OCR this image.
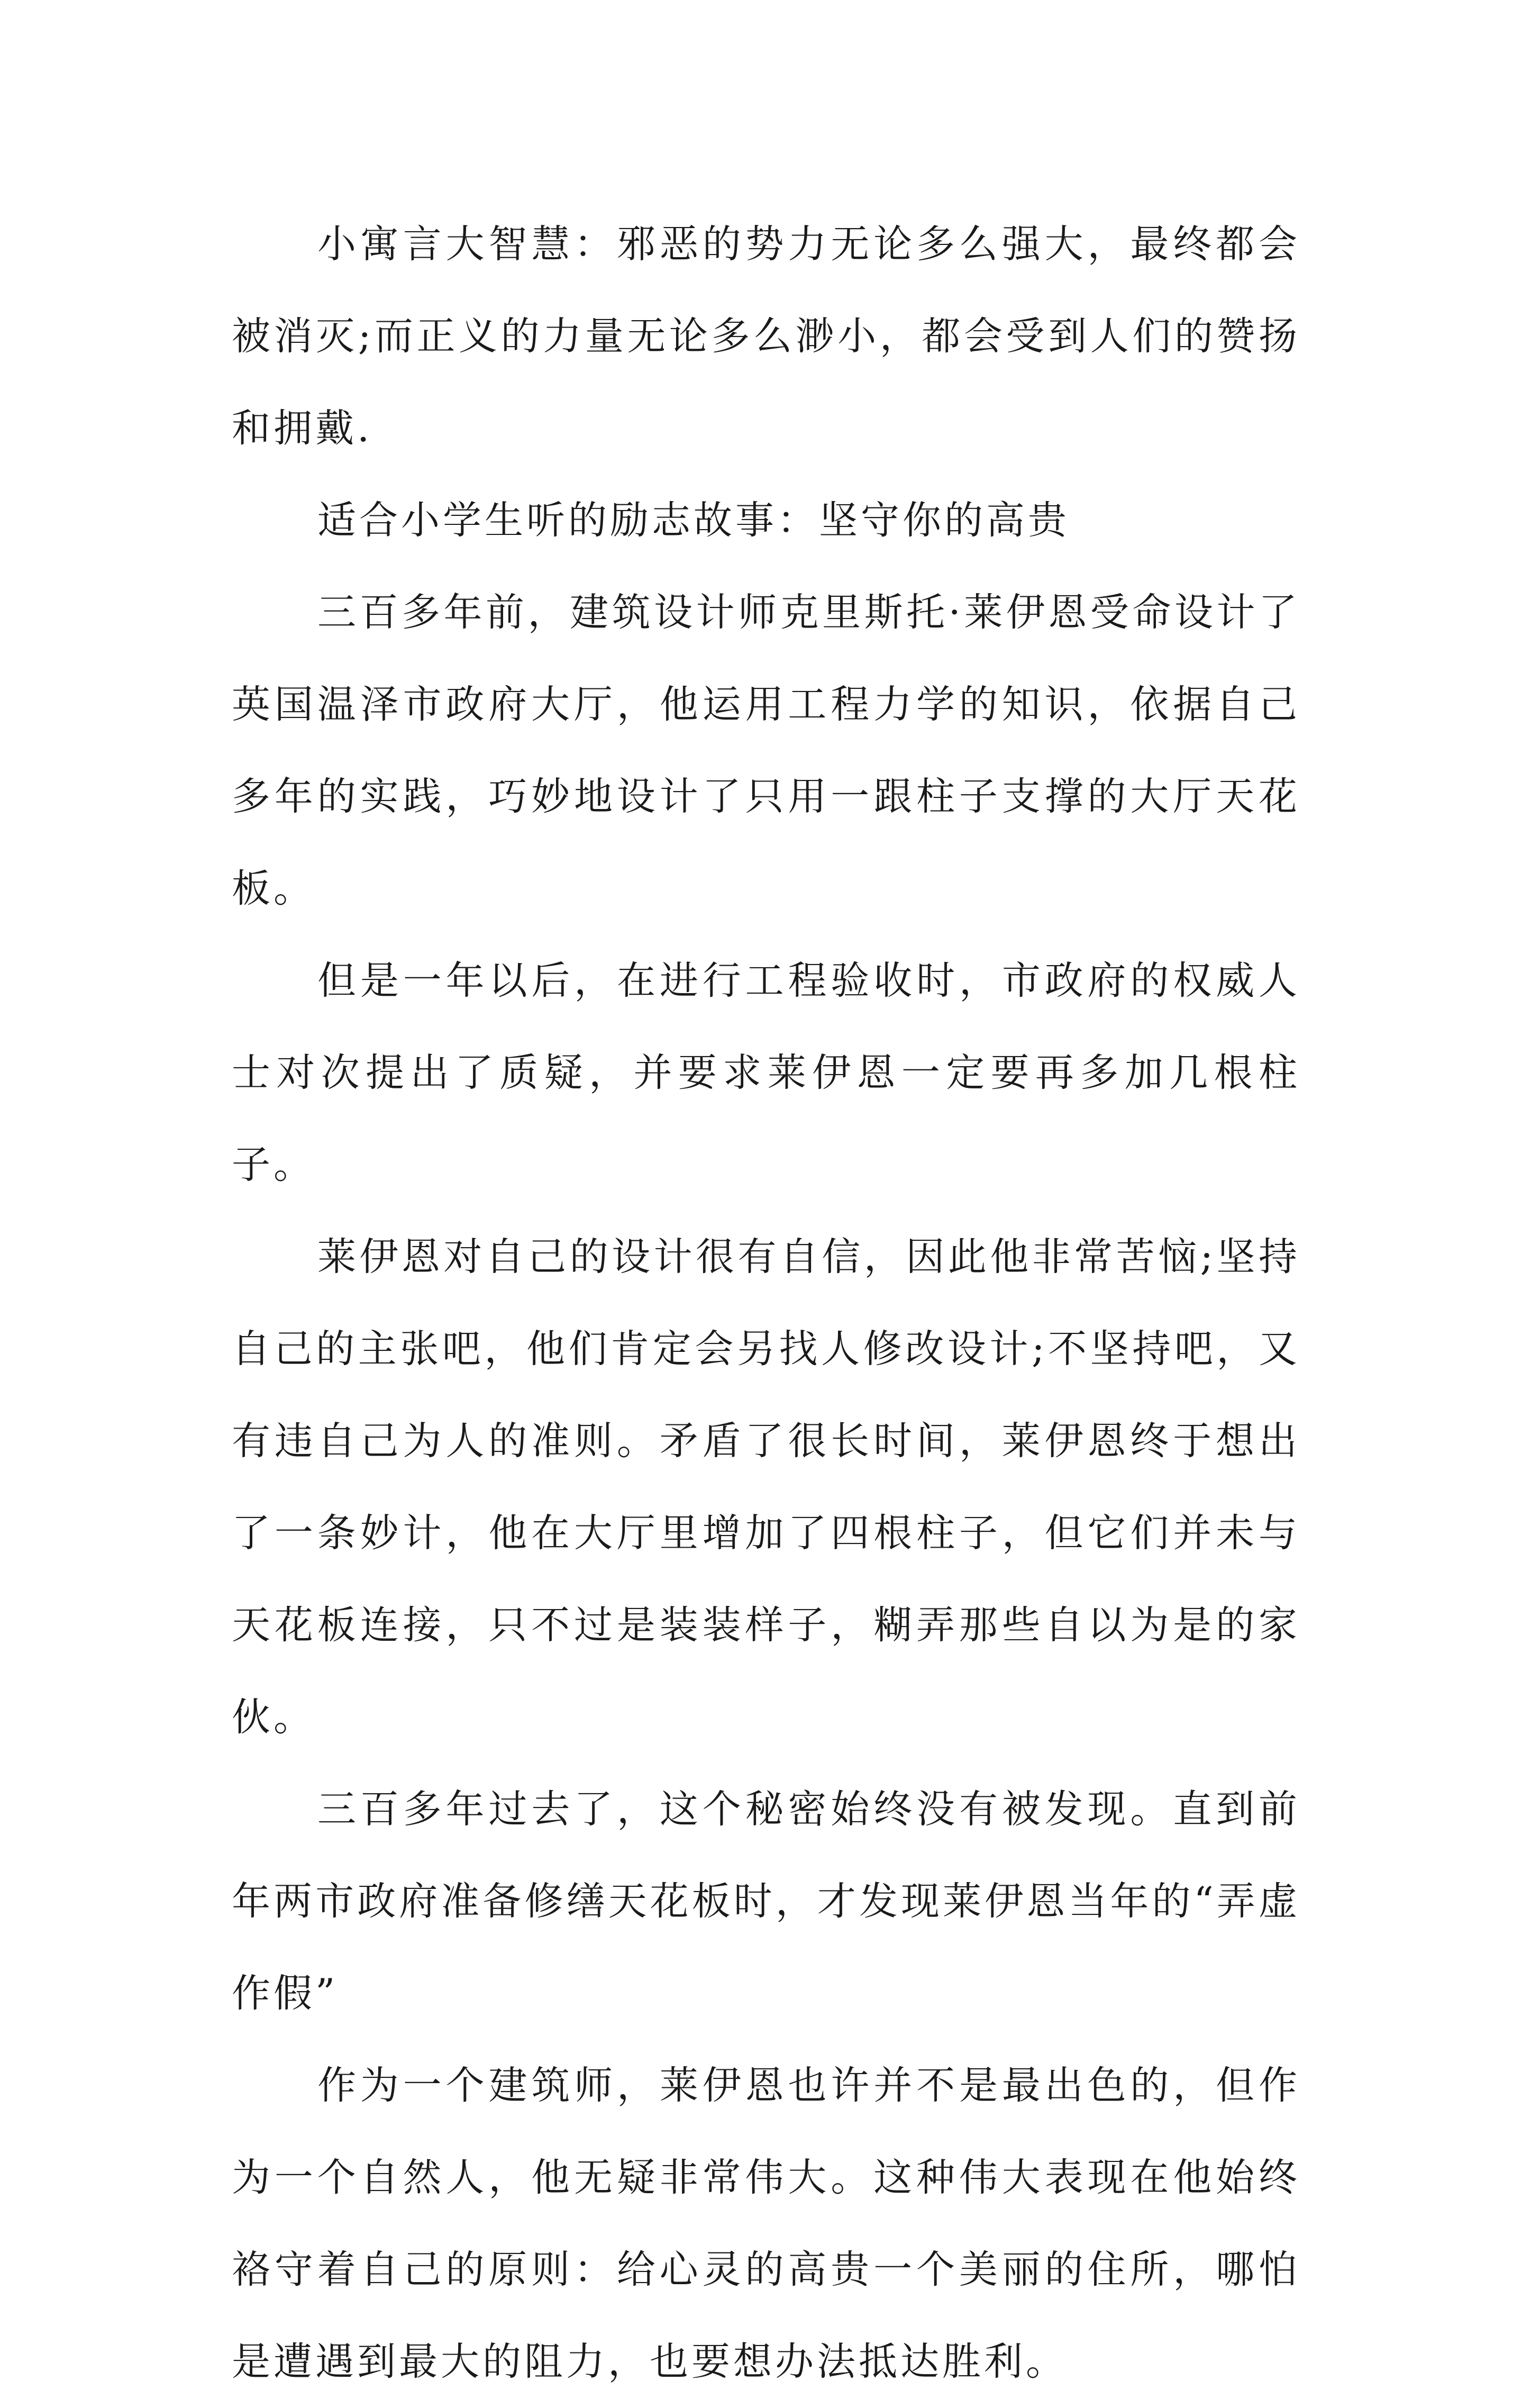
小寓言大智慧：邪恶的势力无论多么强大，最终都会被消灭;而正义的力量无论多么渺小，都会受到人们的赞扬和拥戴.

适合小学生听的励志故事：坚守你的高贵

三百多年前，建筑设计师克里斯托·莱伊恩受命设计了英国温泽市政府大厅，他运用工程力学的知识，依据自己多年的实践，巧妙地设计了只用一跟柱子支撑的大厅天花板。

但是一年以后，在进行工程验收时，市政府的权威人士对次提出了质疑，并要求莱伊恩一定要再多加几根柱子。

莱伊恩对自己的设计很有自信，因此他非常苦恼;坚持自己的主张吧，他们肯定会另找人修改设计;不坚持吧，又有违自己为人的准则。矛盾了很长时间，莱伊恩终于想出了一条妙计，他在大厅里增加了四根柱子，但它们并未与天花板连接，只不过是装装样子，糊弄那些自以为是的家伙。

三百多年过去了，这个秘密始终没有被发现。直到前年两市政府准备修缮天花板时，才发现莱伊恩当年的“弄虚作假”

作为一个建筑师，莱伊恩也许并不是最出色的，但作为一个自然人，他无疑非常伟大。这种伟大表现在他始终袼守着自己的原则：给心灵的高贵一个美丽的住所，哪怕是遭遇到最大的阻力，也要想办法抵达胜利。
